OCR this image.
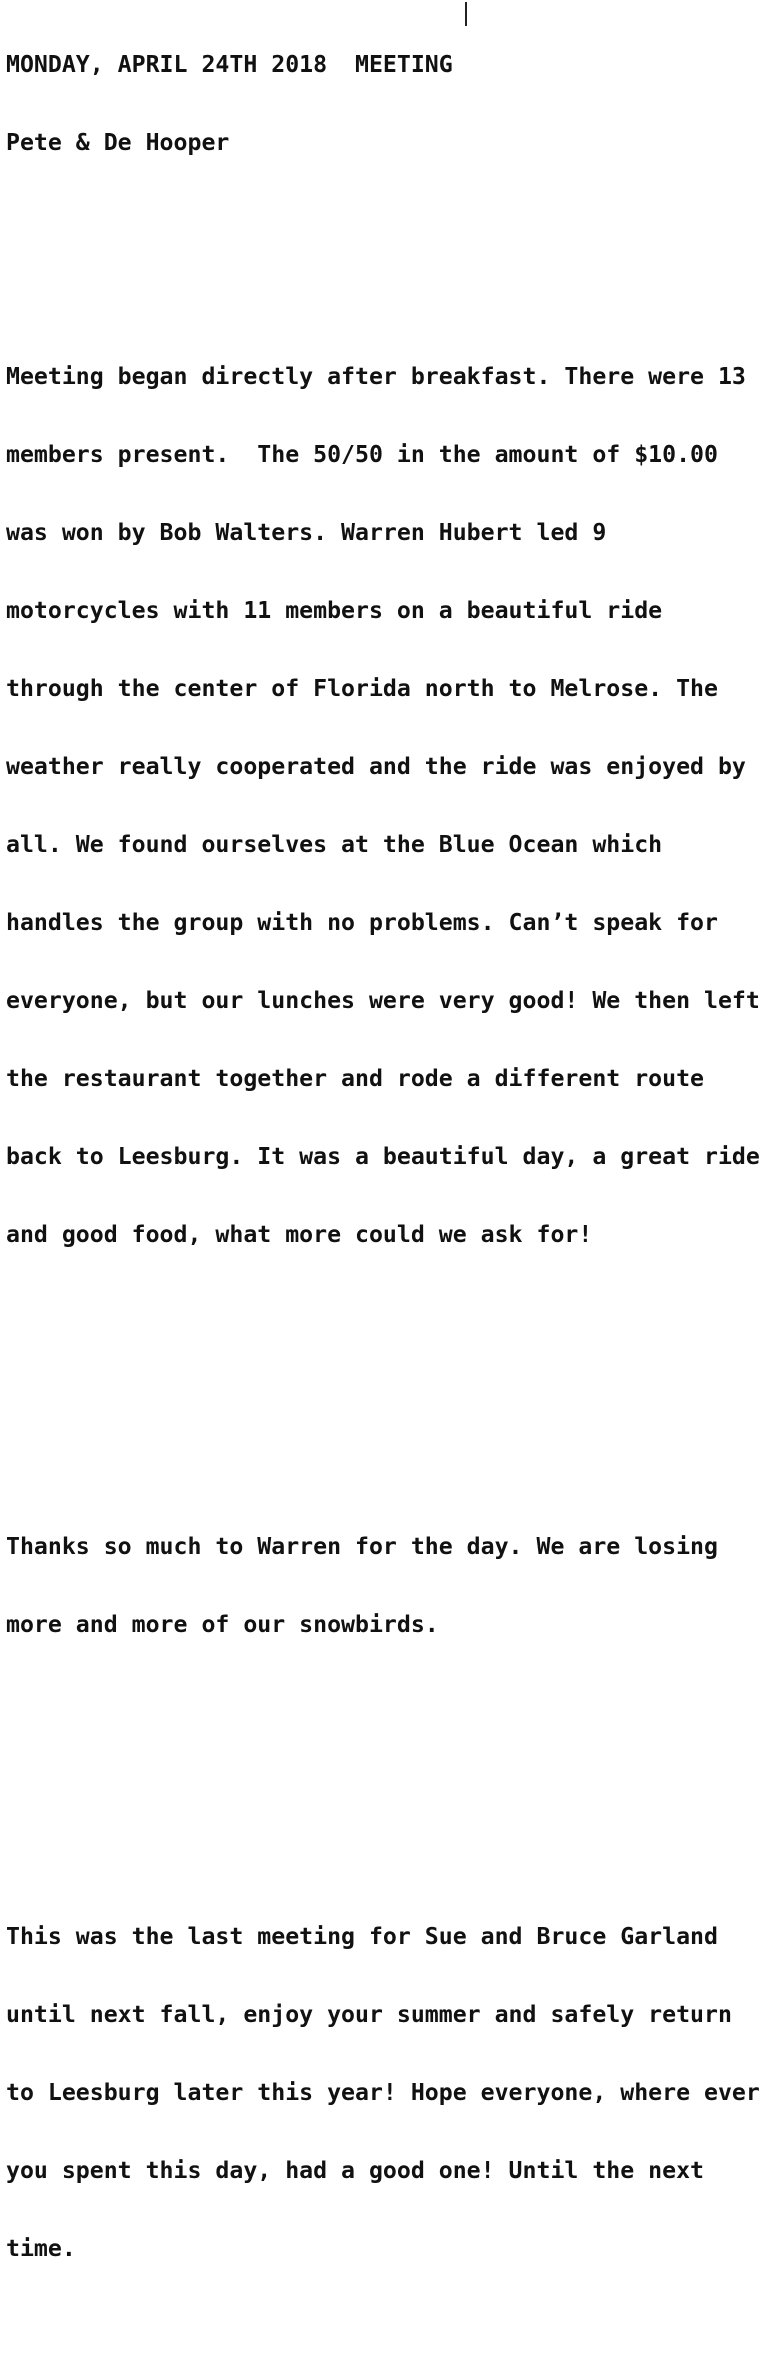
MONDAY, APRIL 24TH 2018  MEETING

Pete & De Hooper

Meeting began directly after breakfast. There were 13

members present.  The 50/50 in the amount of $10.00

was won by Bob Walters. Warren Hubert led 9

motorcycles with 11 members on a beautiful ride

through the center of Florida north to Melrose. The

weather really cooperated and the ride was enjoyed by

all. We found ourselves at the Blue Ocean which

handles the group with no problems. Can’t speak for

everyone, but our lunches were very good! We then left

the restaurant together and rode a different route

back to Leesburg. It was a beautiful day, a great ride

and good food, what more could we ask for!

Thanks so much to Warren for the day. We are losing

more and more of our snowbirds.

This was the last meeting for Sue and Bruce Garland

until next fall, enjoy your summer and safely return

to Leesburg later this year! Hope everyone, where ever

you spent this day, had a good one! Until the next

time.
